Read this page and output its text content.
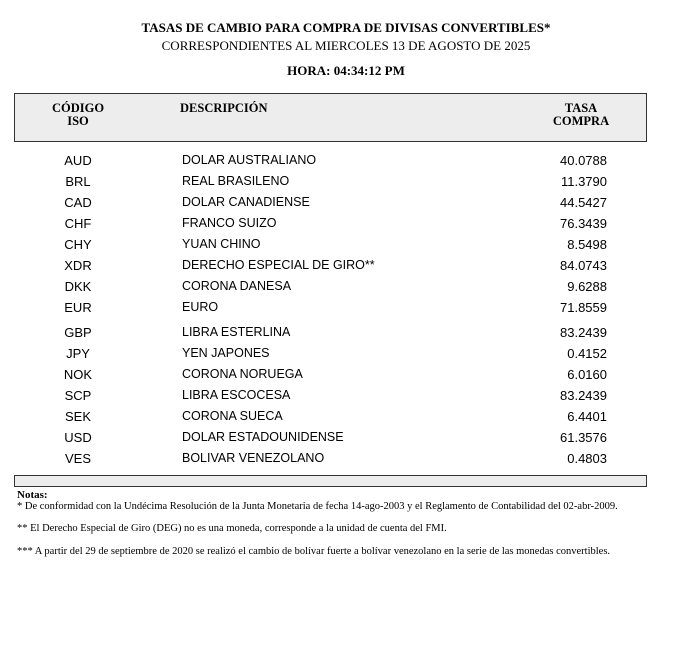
TASAS DE CAMBIO PARA COMPRA DE DIVISAS CONVERTIBLES*
CORRESPONDIENTES AL MIERCOLES 13 DE AGOSTO DE 2025
HORA: 04:34:12 PM
CÓDIGO
ISO
DESCRIPCIÓN	TASA
COMPRA
AUD	DOLAR AUSTRALIANO	40.0788
BRL	REAL BRASILENO	11.3790
CAD	DOLAR CANADIENSE	44.5427
CHF	FRANCO SUIZO	76.3439
CHY	YUAN CHINO	8.5498
XDR	DERECHO ESPECIAL DE GIRO**	84.0743
DKK	CORONA DANESA	9.6288
EUR	EURO	71.8559
GBP	LIBRA ESTERLINA	83.2439
JPY	YEN JAPONES	0.4152
NOK	CORONA NORUEGA	6.0160
SCP	LIBRA ESCOCESA	83.2439
SEK	CORONA SUECA	6.4401
USD	DOLAR ESTADOUNIDENSE	61.3576
VES	BOLIVAR VENEZOLANO	0.4803
Notas:
* De conformidad con la Undécima Resolución de la Junta Monetaria de fecha 14-ago-2003 y el Reglamento de Contabilidad del 02-abr-2009.
** El Derecho Especial de Giro (DEG) no es una moneda, corresponde a la unidad de cuenta del FMI.
*** A partir del 29 de septiembre de 2020 se realizó el cambio de bolívar fuerte a bolívar venezolano en la serie de las monedas convertibles.
